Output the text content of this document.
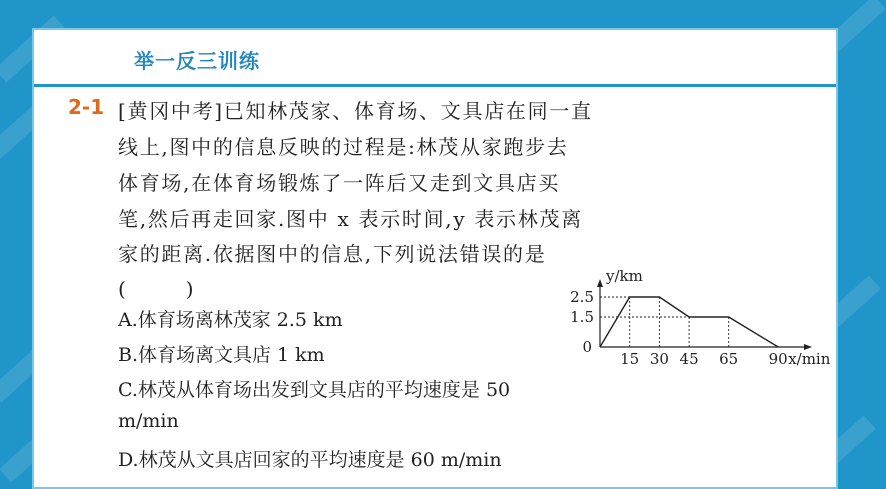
举一反三训练
2-1 [黄冈中考]已知林茂家、体育场、文具店在同一直
线上,图中的信息反映的过程是:林茂从家跑步去
体育场,在体育场锻炼了一阵后又走到文具店买
笔,然后再走回家.图中 x 表示时间,y 表示林茂离
家的距离.依据图中的信息,下列说法错误的是
(　　　)
A.体育场离林茂家 2.5 km
B.体育场离文具店 1 km
C.林茂从体育场出发到文具店的平均速度是 50
m/min
D.林茂从文具店回家的平均速度是 60 m/min
15 30 45 65 90
2.5
1.5
0
x/min
y/km
